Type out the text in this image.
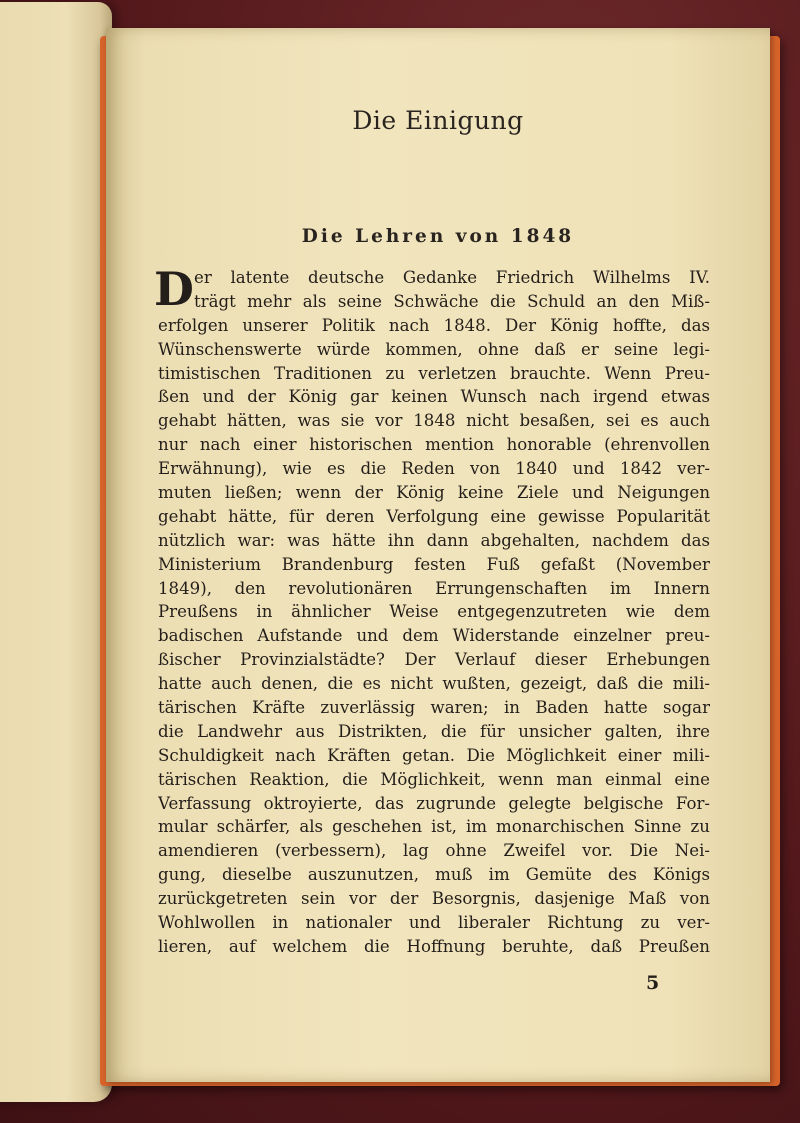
Die Einigung
Die Lehren von 1848
D er latente deutsche Gedanke Friedrich Wilhelms IV.
trägt mehr als seine Schwäche die Schuld an den Miß-
erfolgen unserer Politik nach 1848. Der König hoffte, das
Wünschenswerte würde kommen, ohne daß er seine legi-
timistischen Traditionen zu verletzen brauchte. Wenn Preu-
ßen und der König gar keinen Wunsch nach irgend etwas
gehabt hätten, was sie vor 1848 nicht besaßen, sei es auch
nur nach einer historischen mention honorable (ehrenvollen
Erwähnung), wie es die Reden von 1840 und 1842 ver-
muten ließen; wenn der König keine Ziele und Neigungen
gehabt hätte, für deren Verfolgung eine gewisse Popularität
nützlich war: was hätte ihn dann abgehalten, nachdem das
Ministerium Brandenburg festen Fuß gefaßt (November
1849), den revolutionären Errungenschaften im Innern
Preußens in ähnlicher Weise entgegenzutreten wie dem
badischen Aufstande und dem Widerstande einzelner preu-
ßischer Provinzialstädte? Der Verlauf dieser Erhebungen
hatte auch denen, die es nicht wußten, gezeigt, daß die mili-
tärischen Kräfte zuverlässig waren; in Baden hatte sogar
die Landwehr aus Distrikten, die für unsicher galten, ihre
Schuldigkeit nach Kräften getan. Die Möglichkeit einer mili-
tärischen Reaktion, die Möglichkeit, wenn man einmal eine
Verfassung oktroyierte, das zugrunde gelegte belgische For-
mular schärfer, als geschehen ist, im monarchischen Sinne zu
amendieren (verbessern), lag ohne Zweifel vor. Die Nei-
gung, dieselbe auszunutzen, muß im Gemüte des Königs
zurückgetreten sein vor der Besorgnis, dasjenige Maß von
Wohlwollen in nationaler und liberaler Richtung zu ver-
lieren, auf welchem die Hoffnung beruhte, daß Preußen
5
